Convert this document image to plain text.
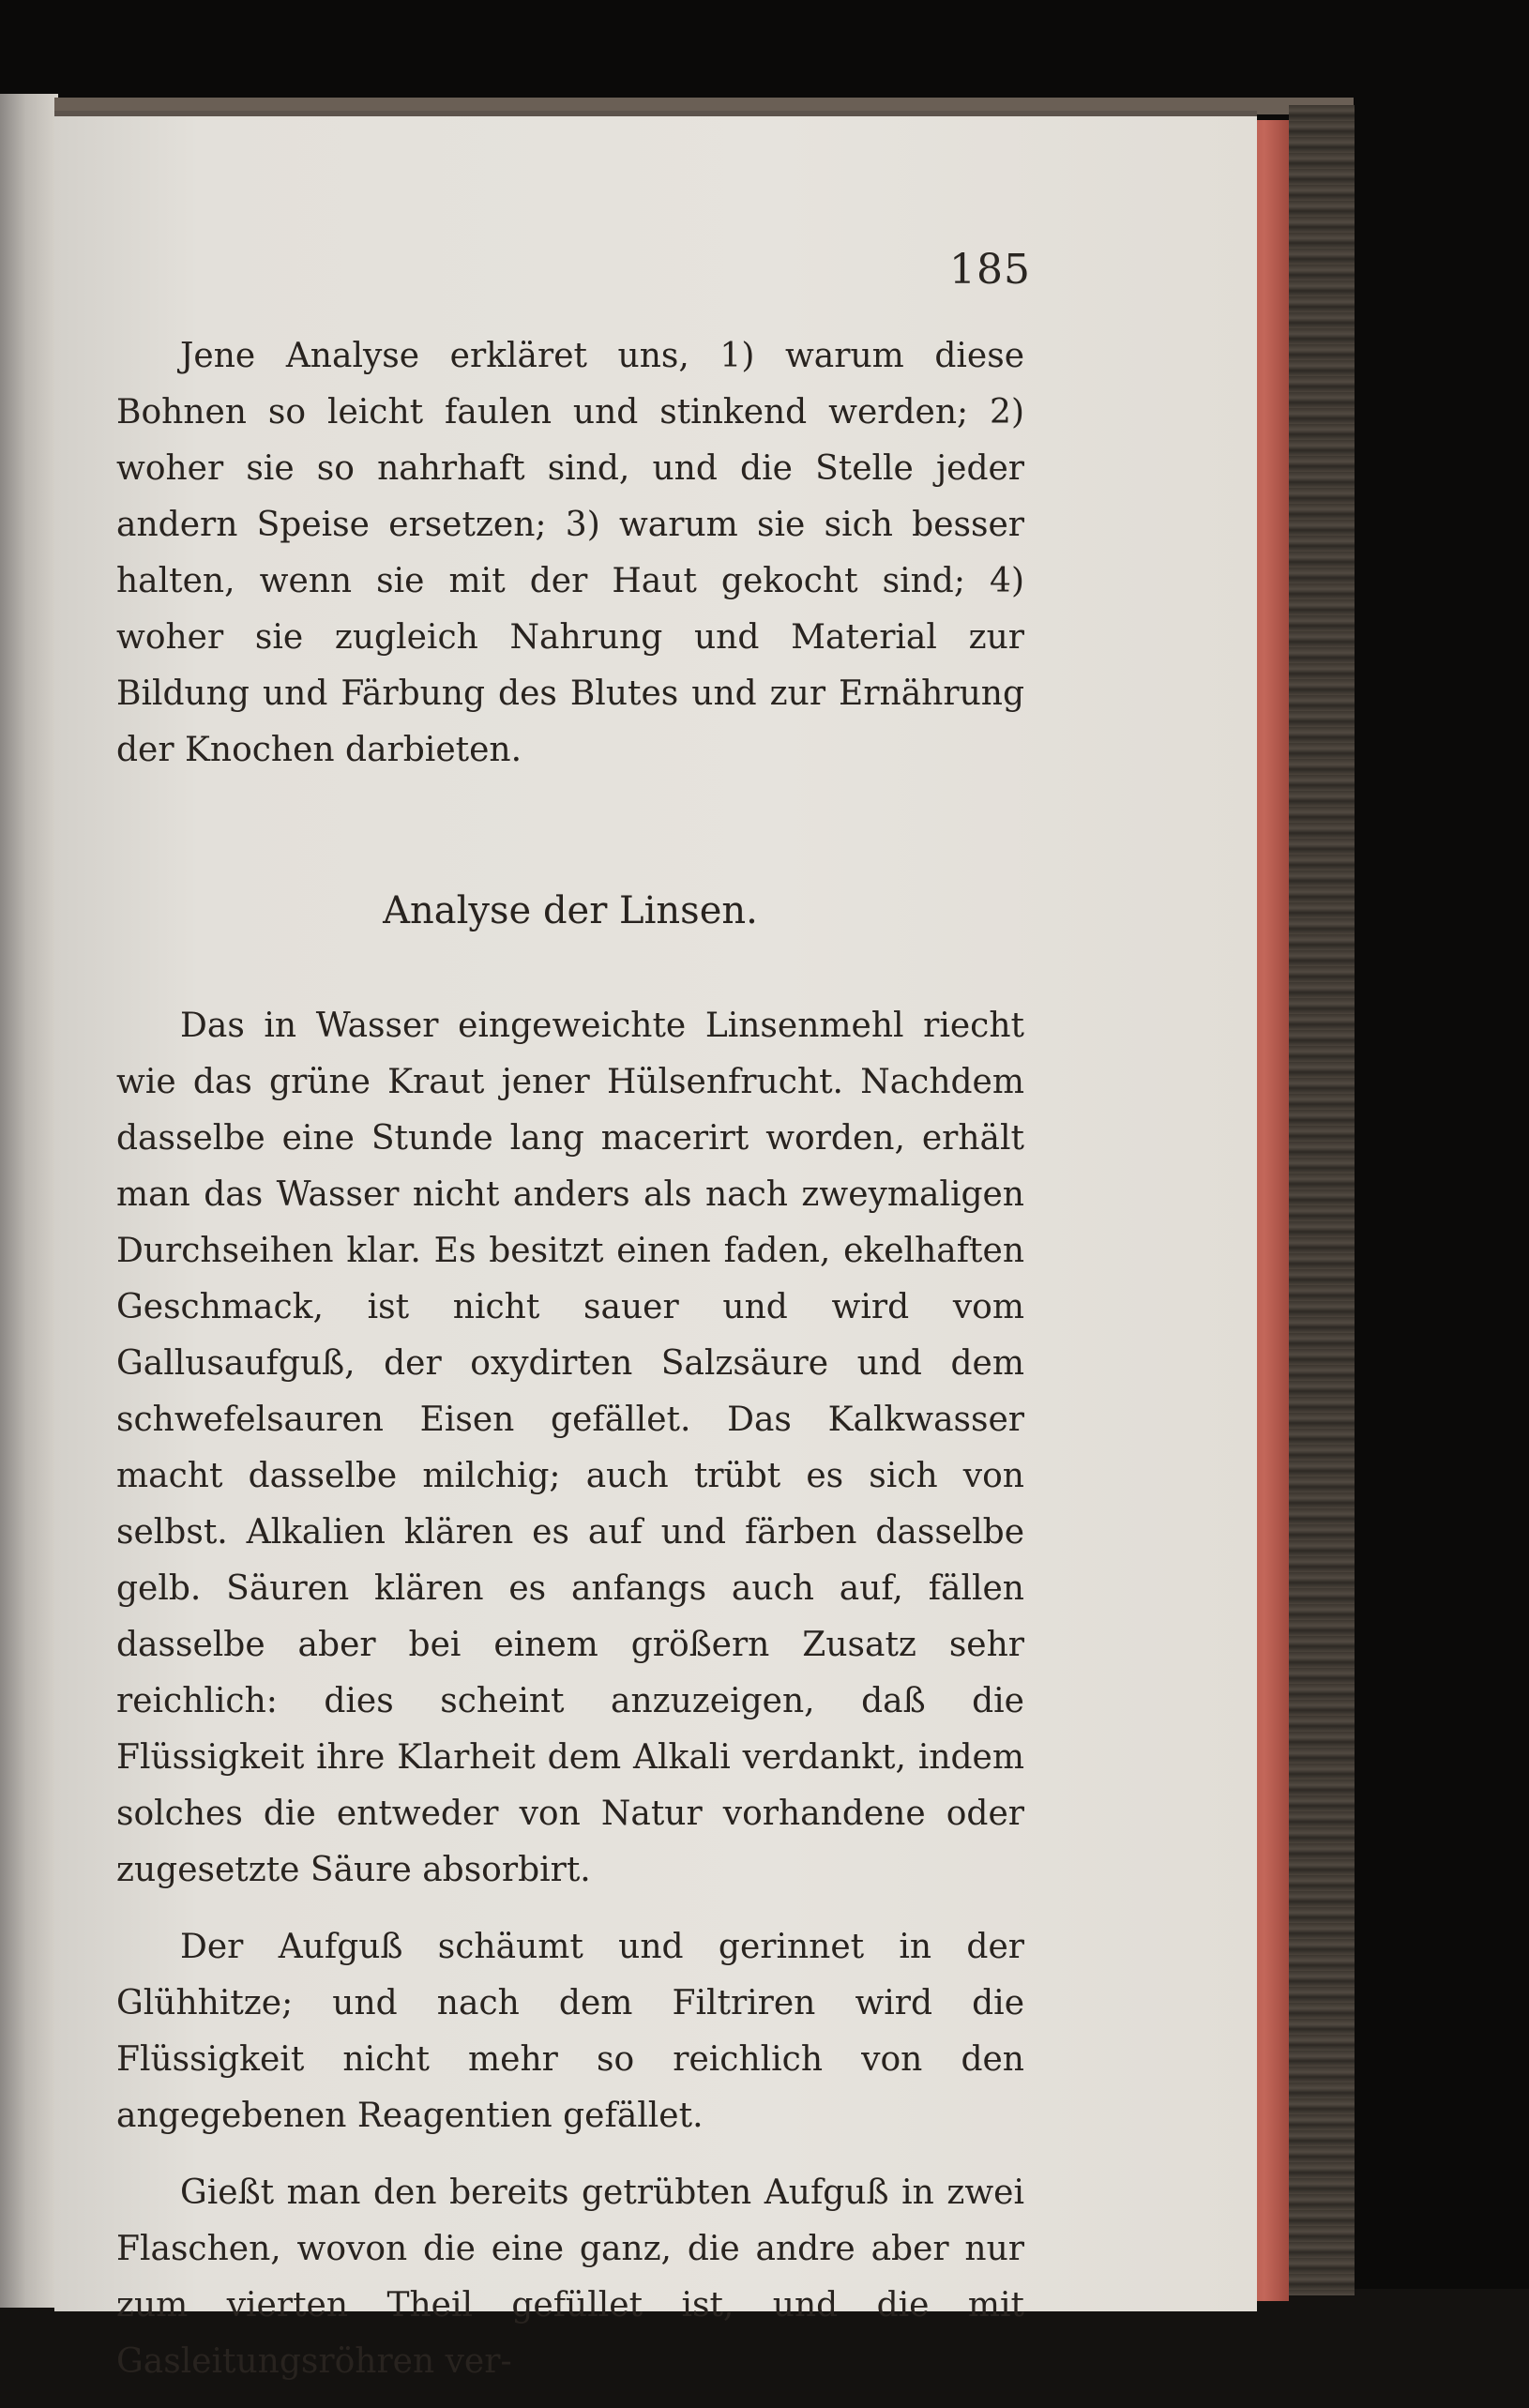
185

Jene Analyse erkläret uns, 1) warum diese Bohnen so leicht faulen und stinkend werden; 2) woher sie so nahrhaft sind, und die Stelle jeder andern Speise ersetzen; 3) warum sie sich besser halten, wenn sie mit der Haut gekocht sind; 4) woher sie zugleich Nahrung und Material zur Bildung und Färbung des Blutes und zur Ernährung der Knochen darbieten.

Analyse der Linsen.

Das in Wasser eingeweichte Linsenmehl riecht wie das grüne Kraut jener Hülsenfrucht. Nachdem dasselbe eine Stunde lang macerirt worden, erhält man das Wasser nicht anders als nach zweymaligen Durchseihen klar. Es besitzt einen faden, ekelhaften Geschmack, ist nicht sauer und wird vom Gallusaufguß, der oxydirten Salzsäure und dem schwefelsauren Eisen gefället. Das Kalkwasser macht dasselbe milchig; auch trübt es sich von selbst. Alkalien klären es auf und färben dasselbe gelb. Säuren klären es anfangs auch auf, fällen dasselbe aber bei einem größern Zusatz sehr reichlich: dies scheint anzuzeigen, daß die Flüssigkeit ihre Klarheit dem Alkali verdankt, indem solches die entweder von Natur vorhandene oder zugesetzte Säure absorbirt.

Der Aufguß schäumt und gerinnet in der Glühhitze; und nach dem Filtriren wird die Flüssigkeit nicht mehr so reichlich von den angegebenen Reagentien gefället.

Gießt man den bereits getrübten Aufguß in zwei Flaschen, wovon die eine ganz, die andre aber nur zum vierten Theil gefüllet ist, und die mit Gasleitungsröhren ver-
